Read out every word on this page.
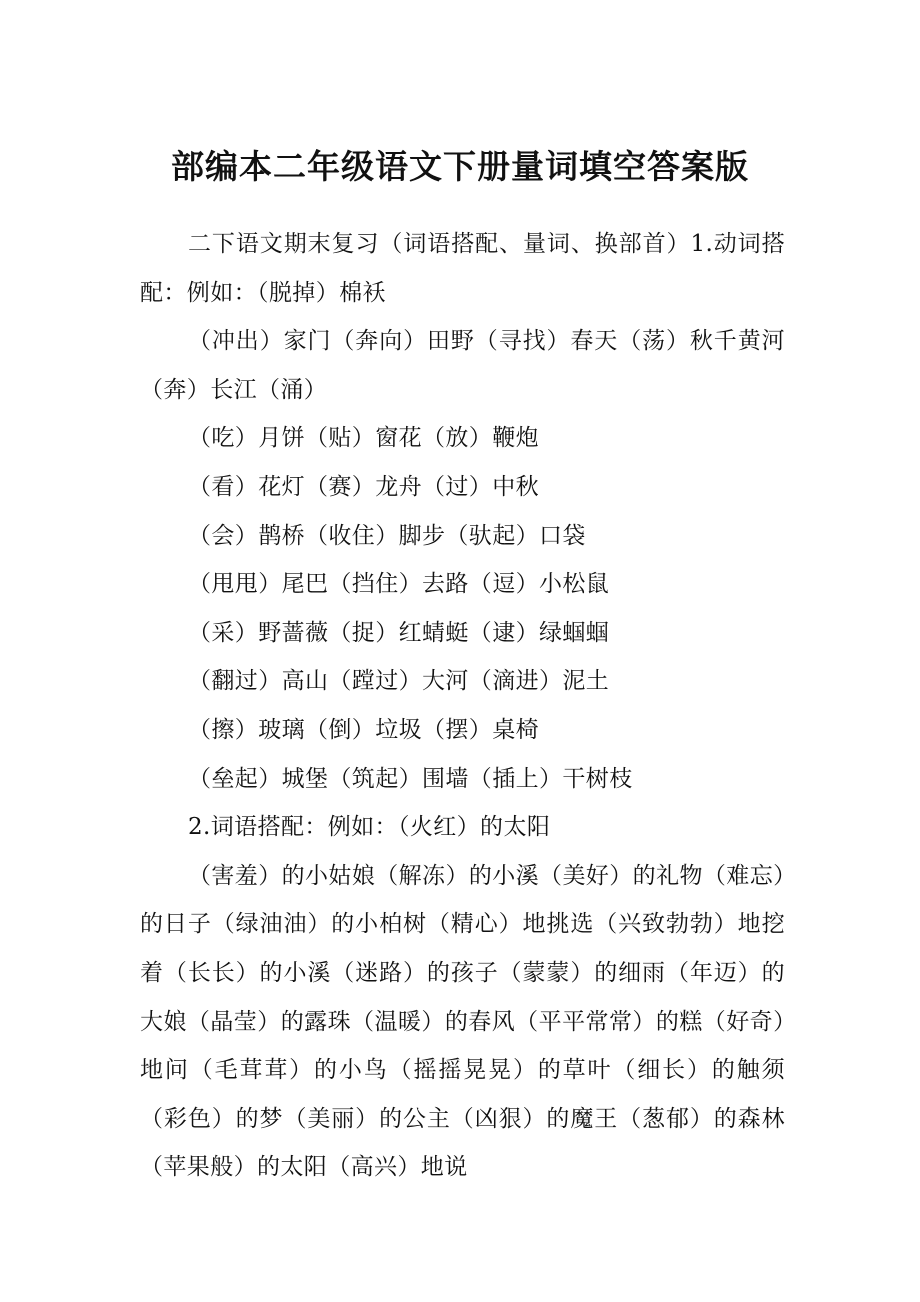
部编本二年级语文下册量词填空答案版

二下语文期末复习（词语搭配、量词、换部首）1.动词搭配：例如：（脱掉）棉袄

（冲出）家门（奔向）田野（寻找）春天（荡）秋千黄河（奔）长江（涌）

（吃）月饼（贴）窗花（放）鞭炮

（看）花灯（赛）龙舟（过）中秋

（会）鹊桥（收住）脚步（驮起）口袋

（甩甩）尾巴（挡住）去路（逗）小松鼠

（采）野蔷薇（捉）红蜻蜓（逮）绿蝈蝈

（翻过）高山（蹚过）大河（滴进）泥土

（擦）玻璃（倒）垃圾（摆）桌椅

（垒起）城堡（筑起）围墙（插上）干树枝

2.词语搭配：例如：（火红）的太阳

（害羞）的小姑娘（解冻）的小溪（美好）的礼物（难忘）的日子（绿油油）的小柏树（精心）地挑选（兴致勃勃）地挖着（长长）的小溪（迷路）的孩子（蒙蒙）的细雨（年迈）的大娘（晶莹）的露珠（温暖）的春风（平平常常）的糕（好奇）地问（毛茸茸）的小鸟（摇摇晃晃）的草叶（细长）的触须（彩色）的梦（美丽）的公主（凶狠）的魔王（葱郁）的森林（苹果般）的太阳（高兴）地说
